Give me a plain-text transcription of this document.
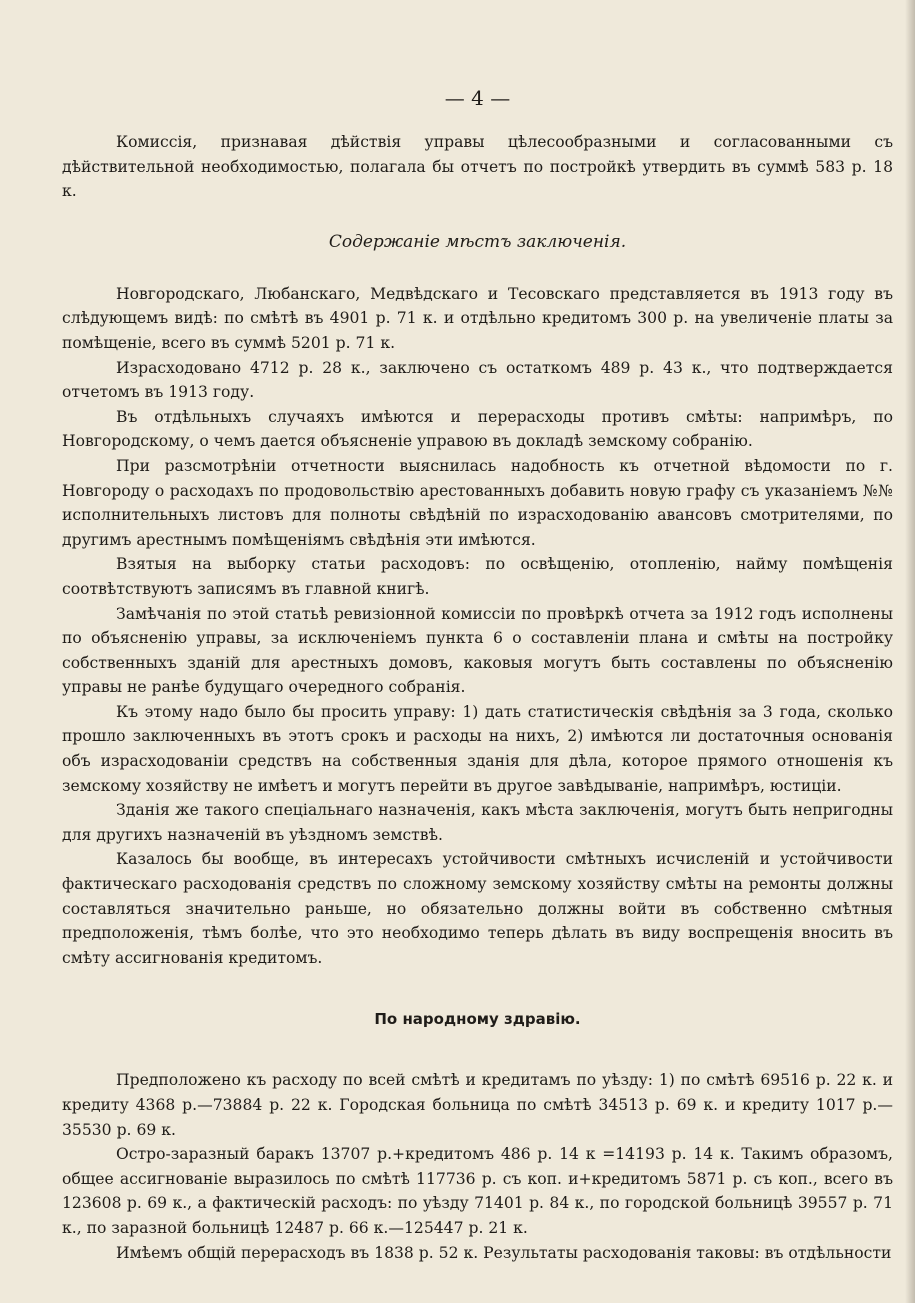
— 4 —

Комиссія, признавая дѣйствія управы цѣлесообразными и согласованными съ дѣйствительной необходимостью, полагала бы отчетъ по постройкѣ утвердить въ суммѣ 583 р. 18 к.

Содержаніе мѣстъ заключенія.

Новгородскаго, Любанскаго, Медвѣдскаго и Тесовскаго представляется въ 1913 году въ слѣдующемъ видѣ: по смѣтѣ въ 4901 р. 71 к. и отдѣльно кредитомъ 300 р. на увеличеніе платы за помѣщеніе, всего въ суммѣ 5201 р. 71 к.

Израсходовано 4712 р. 28 к., заключено съ остаткомъ 489 р. 43 к., что подтверждается отчетомъ въ 1913 году.

Въ отдѣльныхъ случаяхъ имѣются и перерасходы противъ смѣты: напримѣръ, по Новгородскому, о чемъ дается объясненіе управою въ докладѣ земскому собранію.

При разсмотрѣніи отчетности выяснилась надобность къ отчетной вѣдомости по г. Новгороду о расходахъ по продовольствію арестованныхъ добавить новую графу съ указаніемъ №№ исполнительныхъ листовъ для полноты свѣдѣній по израсходованію авансовъ смотрителями, по другимъ арестнымъ помѣщеніямъ свѣдѣнія эти имѣются.

Взятыя на выборку статьи расходовъ: по освѣщенію, отопленію, найму помѣщенія соотвѣтствуютъ записямъ въ главной книгѣ.

Замѣчанія по этой статьѣ ревизіонной комиссіи по провѣркѣ отчета за 1912 годъ исполнены по объясненію управы, за исключеніемъ пункта 6 о составленіи плана и смѣты на постройку собственныхъ зданій для арестныхъ домовъ, каковыя могутъ быть составлены по объясненію управы не ранѣе будущаго очередного собранія.

Къ этому надо было бы просить управу: 1) дать статистическія свѣдѣнія за 3 года, сколько прошло заключенныхъ въ этотъ срокъ и расходы на нихъ, 2) имѣются ли достаточныя основанія объ израсходованіи средствъ на собственныя зданія для дѣла, которое прямого отношенія къ земскому хозяйству не имѣетъ и могутъ перейти въ другое завѣдываніе, напримѣръ, юстиціи.

Зданія же такого спеціальнаго назначенія, какъ мѣста заключенія, могутъ быть непригодны для другихъ назначеній въ уѣздномъ земствѣ.

Казалось бы вообще, въ интересахъ устойчивости смѣтныхъ исчисленій и устойчивости фактическаго расходованія средствъ по сложному земскому хозяйству смѣты на ремонты должны составляться значительно раньше, но обязательно должны войти въ собственно смѣтныя предположенія, тѣмъ болѣе, что это необходимо теперь дѣлать въ виду воспрещенія вносить въ смѣту ассигнованія кредитомъ.

По народному здравію.

Предположено къ расходу по всей смѣтѣ и кредитамъ по уѣзду: 1) по смѣтѣ 69516 р. 22 к. и кредиту 4368 р.—73884 р. 22 к. Городская больница по смѣтѣ 34513 р. 69 к. и кредиту 1017 р.—35530 р. 69 к.

Остро-заразный баракъ 13707 р.+кредитомъ 486 р. 14 к =14193 р. 14 к. Такимъ образомъ, общее ассигнованіе выразилось по смѣтѣ 117736 р. съ коп. и+кредитомъ 5871 р. съ коп., всего въ 123608 р. 69 к., а фактическій расходъ: по уѣзду 71401 р. 84 к., по городской больницѣ 39557 р. 71 к., по заразной больницѣ 12487 р. 66 к.—125447 р. 21 к.

Имѣемъ общій перерасходъ въ 1838 р. 52 к. Результаты расходованія таковы: въ отдѣльности
